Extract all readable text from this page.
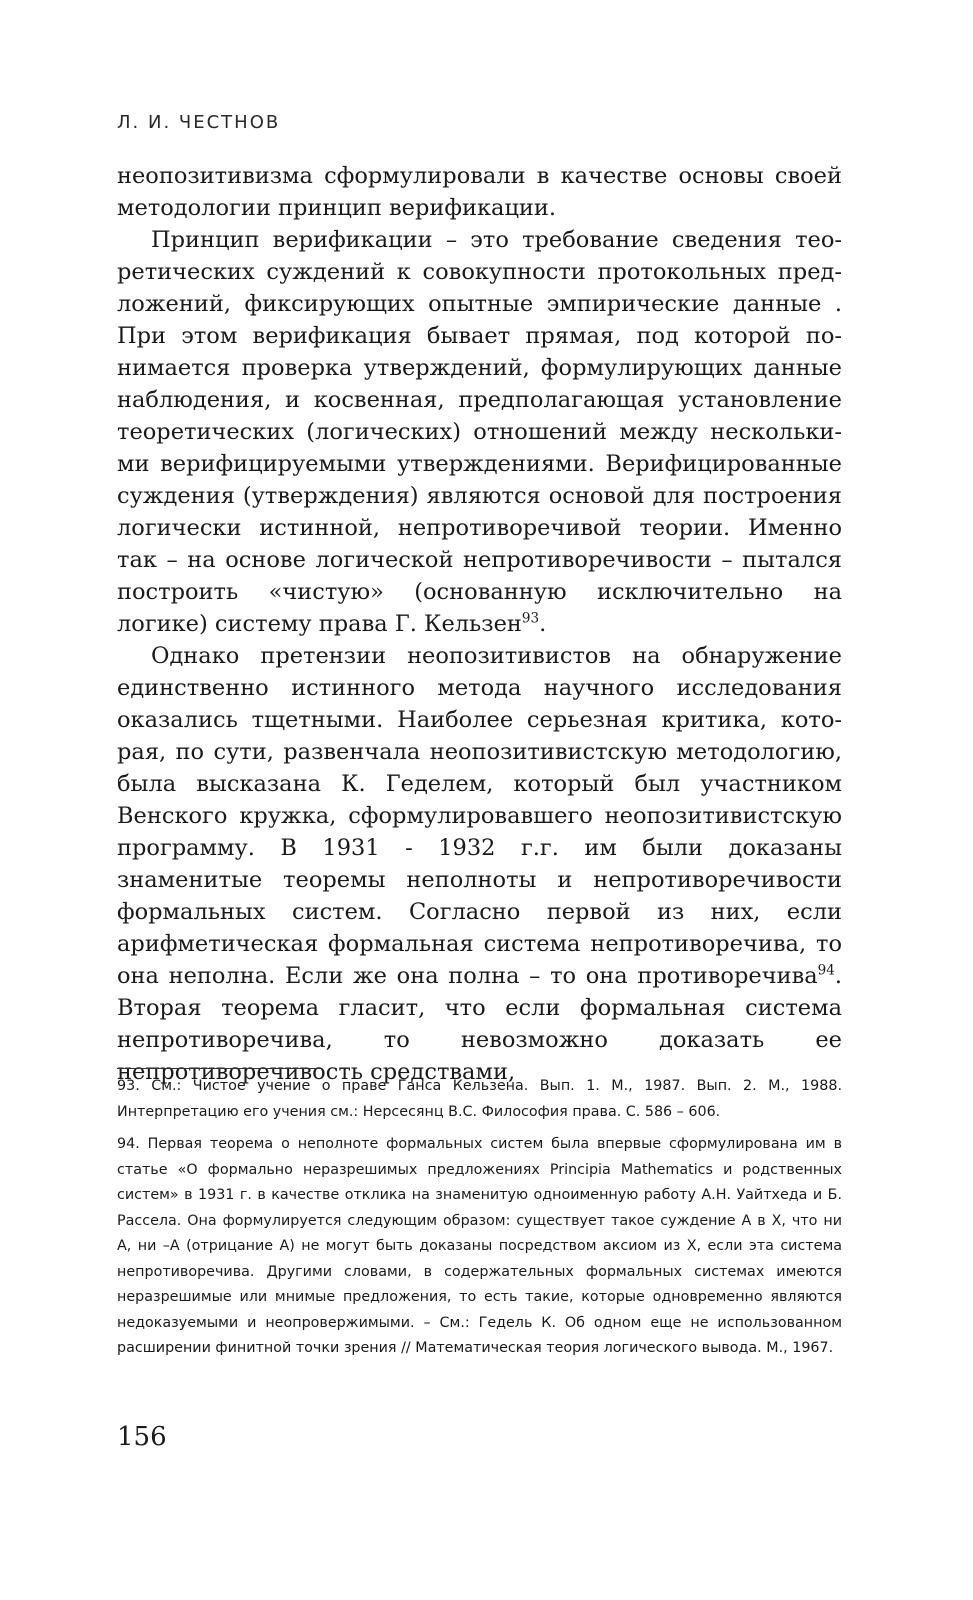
Л. И. ЧЕСТНОВ

неопозитивизма сформулировали в качестве основы своей методологии принцип верификации.

Принцип верификации – это требование сведения теоретических суждений к совокупности протокольных предложений, фиксирующих опытные эмпирические данные . При этом верификация бывает прямая, под которой понимается проверка утверждений, формулирующих данные наблюдения, и косвенная, предполагающая установление теоретических (логических) отношений между несколькими верифицируемыми утверждениями. Верифицированные суждения (утверждения) являются основой для построения логически истинной, непротиворечивой теории. Именно так – на основе логической непротиворечивости – пытался построить «чистую» (основанную исключительно на логике) систему права Г. Кельзен$^{93}$.

Однако претензии неопозитивистов на обнаружение единственно истинного метода научного исследования оказались тщетными. Наиболее серьезная критика, которая, по сути, развенчала неопозитивистскую методологию, была высказана К. Геделем, который был участником Венского кружка, сформулировавшего неопозитивистскую программу. В 1931 - 1932 г.г. им были доказаны знаменитые теоремы неполноты и непротиворечивости формальных систем. Согласно первой из них, если арифметическая формальная система непротиворечива, то она неполна. Если же она полна – то она противоречива$^{94}$. Вторая теорема гласит, что если формальная система непротиворечива, то невозможно доказать ее непротиворечивость средствами,

93. См.: Чистое учение о праве Ганса Кельзена. Вып. 1. М., 1987. Вып. 2. М., 1988. Интерпретацию его учения см.: Нерсесянц В.С. Философия права. С. 586 – 606.

94. Первая теорема о неполноте формальных систем была впервые сформулирована им в статье «О формально неразрешимых предложениях Principia Mathematics и родственных систем» в 1931 г. в качестве отклика на знаменитую одноименную работу А.Н. Уайтхеда и Б. Рассела. Она формулируется следующим образом: существует такое суждение А в Х, что ни А, ни –А (отрицание А) не могут быть доказаны посредством аксиом из Х, если эта система непротиворечива. Другими словами, в содержательных формальных системах имеются неразрешимые или мнимые предложения, то есть такие, которые одновременно являются недоказуемыми и неопровержимыми. – См.: Гедель К. Об одном еще не использованном расширении финитной точки зрения // Математическая теория логического вывода. М., 1967.

156
